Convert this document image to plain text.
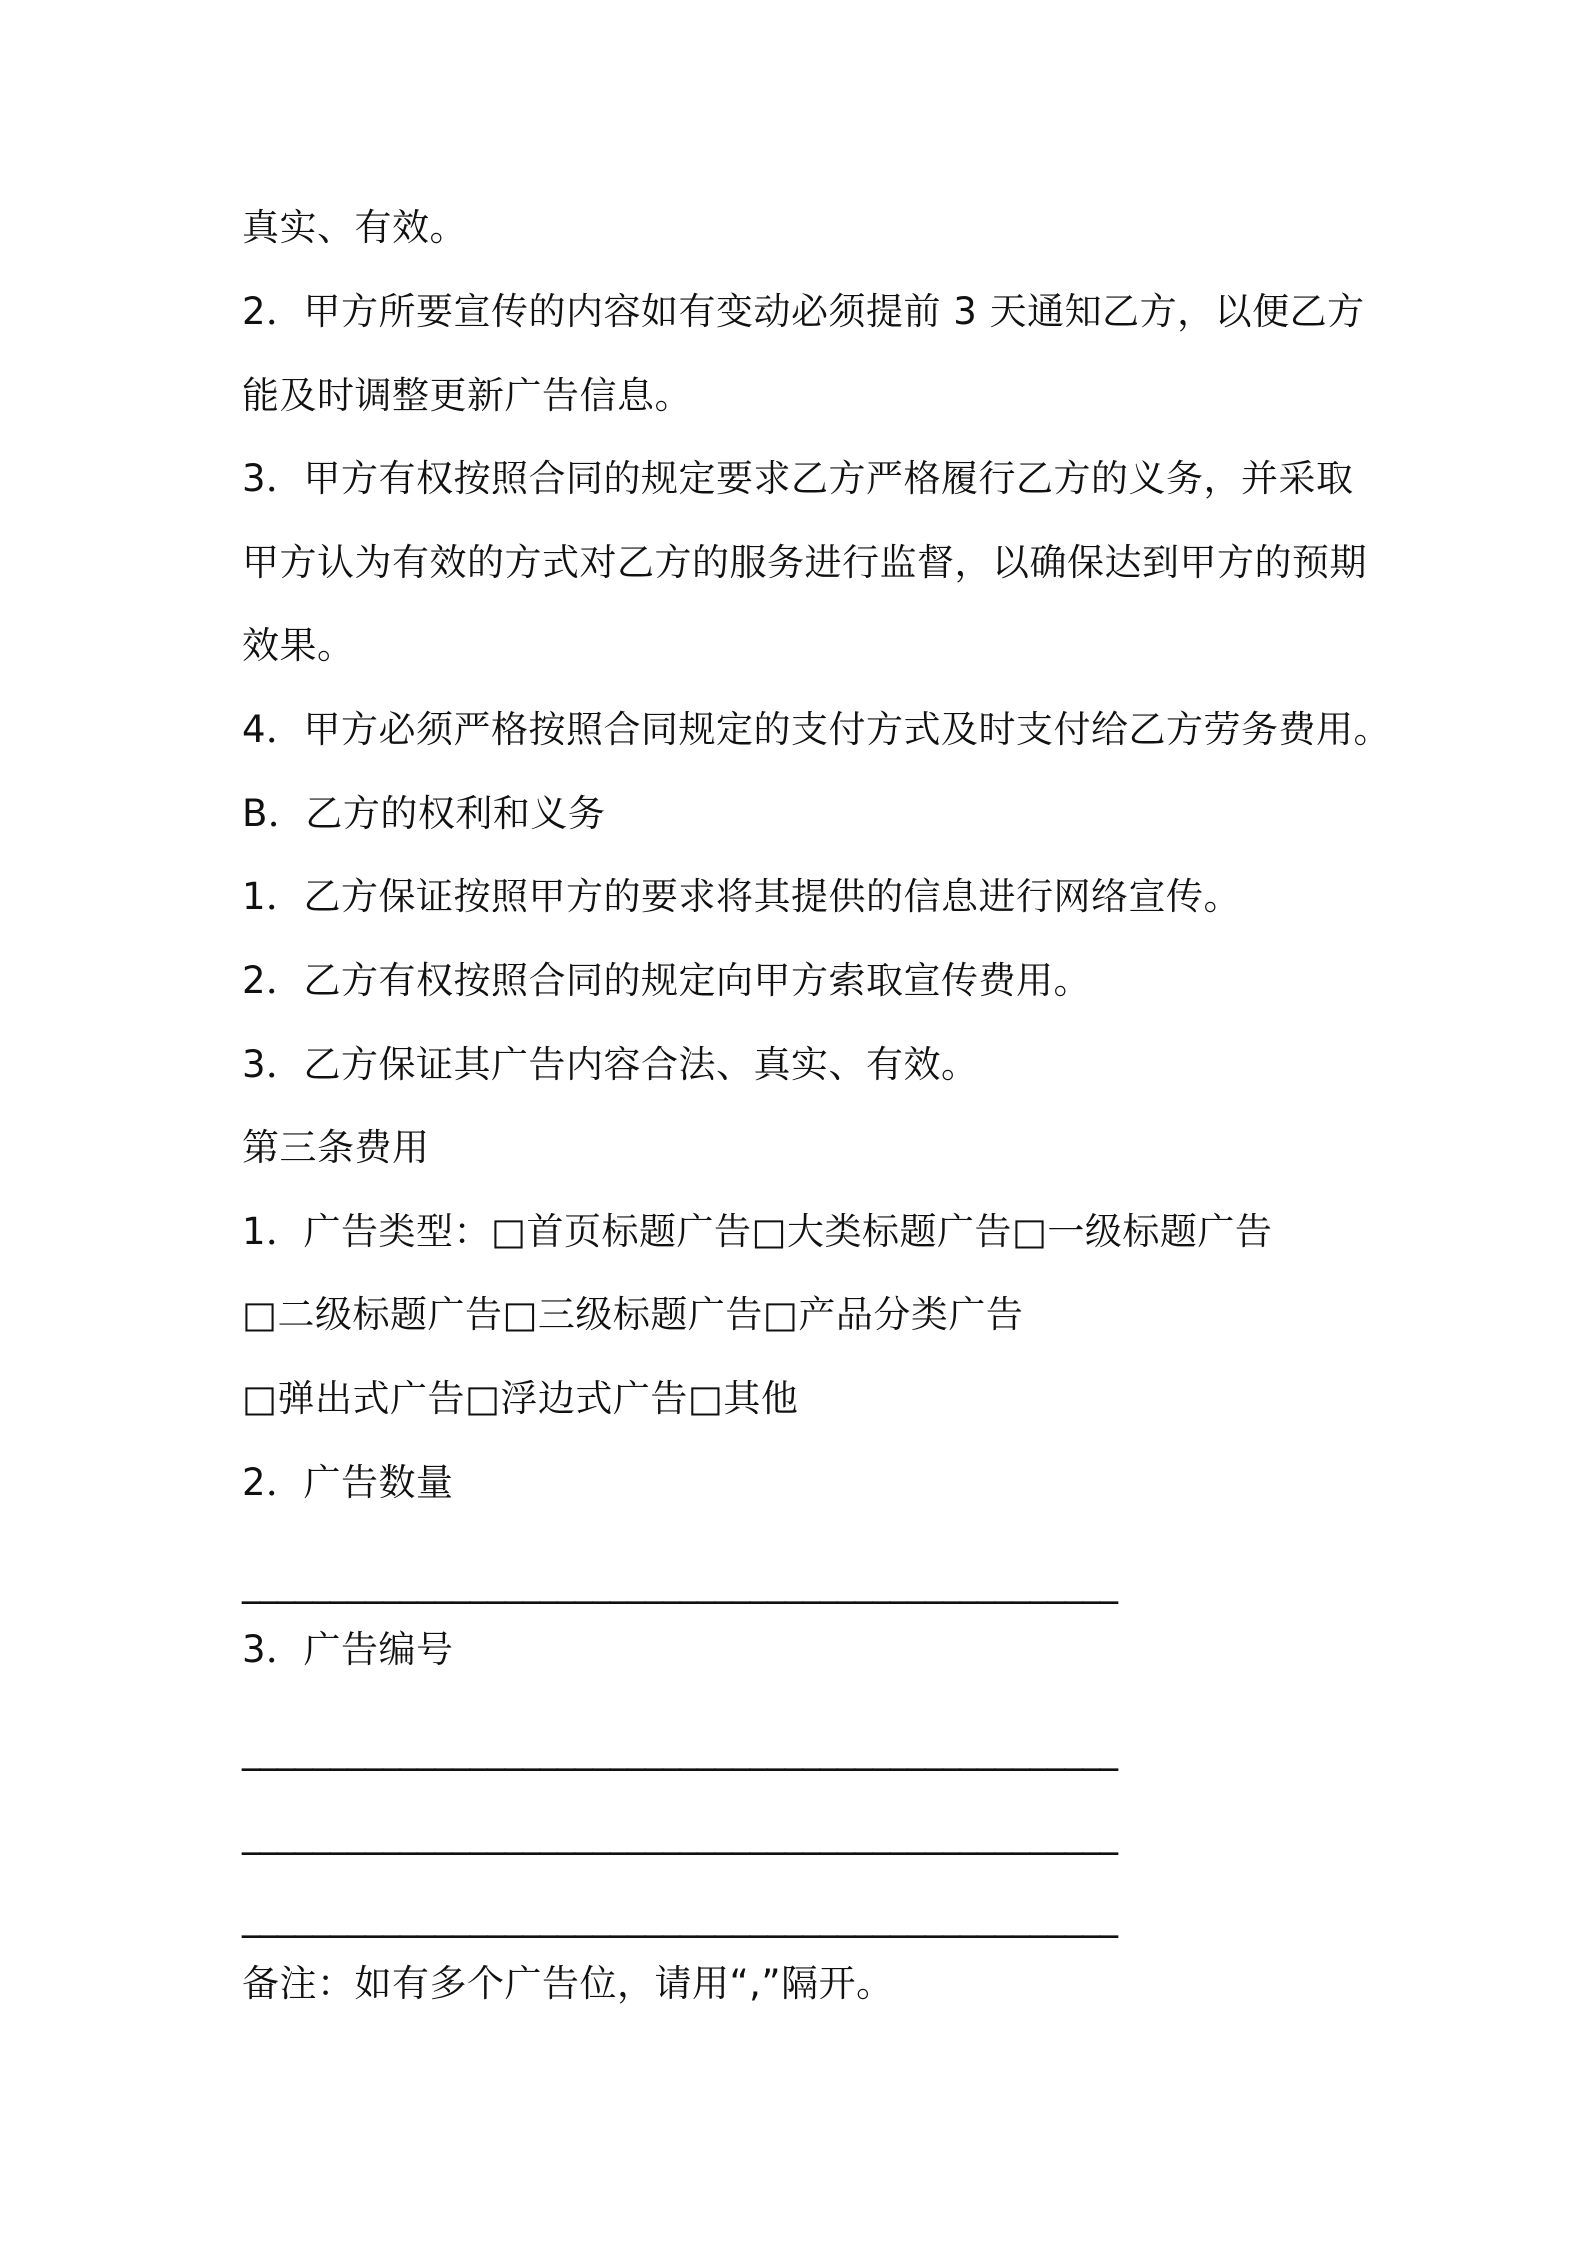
真实、有效。
2．甲方所要宣传的内容如有变动必须提前 3 天通知乙方，以便乙方
能及时调整更新广告信息。
3．甲方有权按照合同的规定要求乙方严格履行乙方的义务，并采取
甲方认为有效的方式对乙方的服务进行监督，以确保达到甲方的预期
效果。
4．甲方必须严格按照合同规定的支付方式及时支付给乙方劳务费用。
B．乙方的权利和义务
1．乙方保证按照甲方的要求将其提供的信息进行网络宣传。
2．乙方有权按照合同的规定向甲方索取宣传费用。
3．乙方保证其广告内容合法、真实、有效。
第三条费用
1．广告类型：□首页标题广告□大类标题广告□一级标题广告
□二级标题广告□三级标题广告□产品分类广告
□弹出式广告□浮边式广告□其他
2．广告数量
__________________________________________________
3．广告编号
__________________________________________________
__________________________________________________
__________________________________________________
备注：如有多个广告位，请用“,”隔开。
